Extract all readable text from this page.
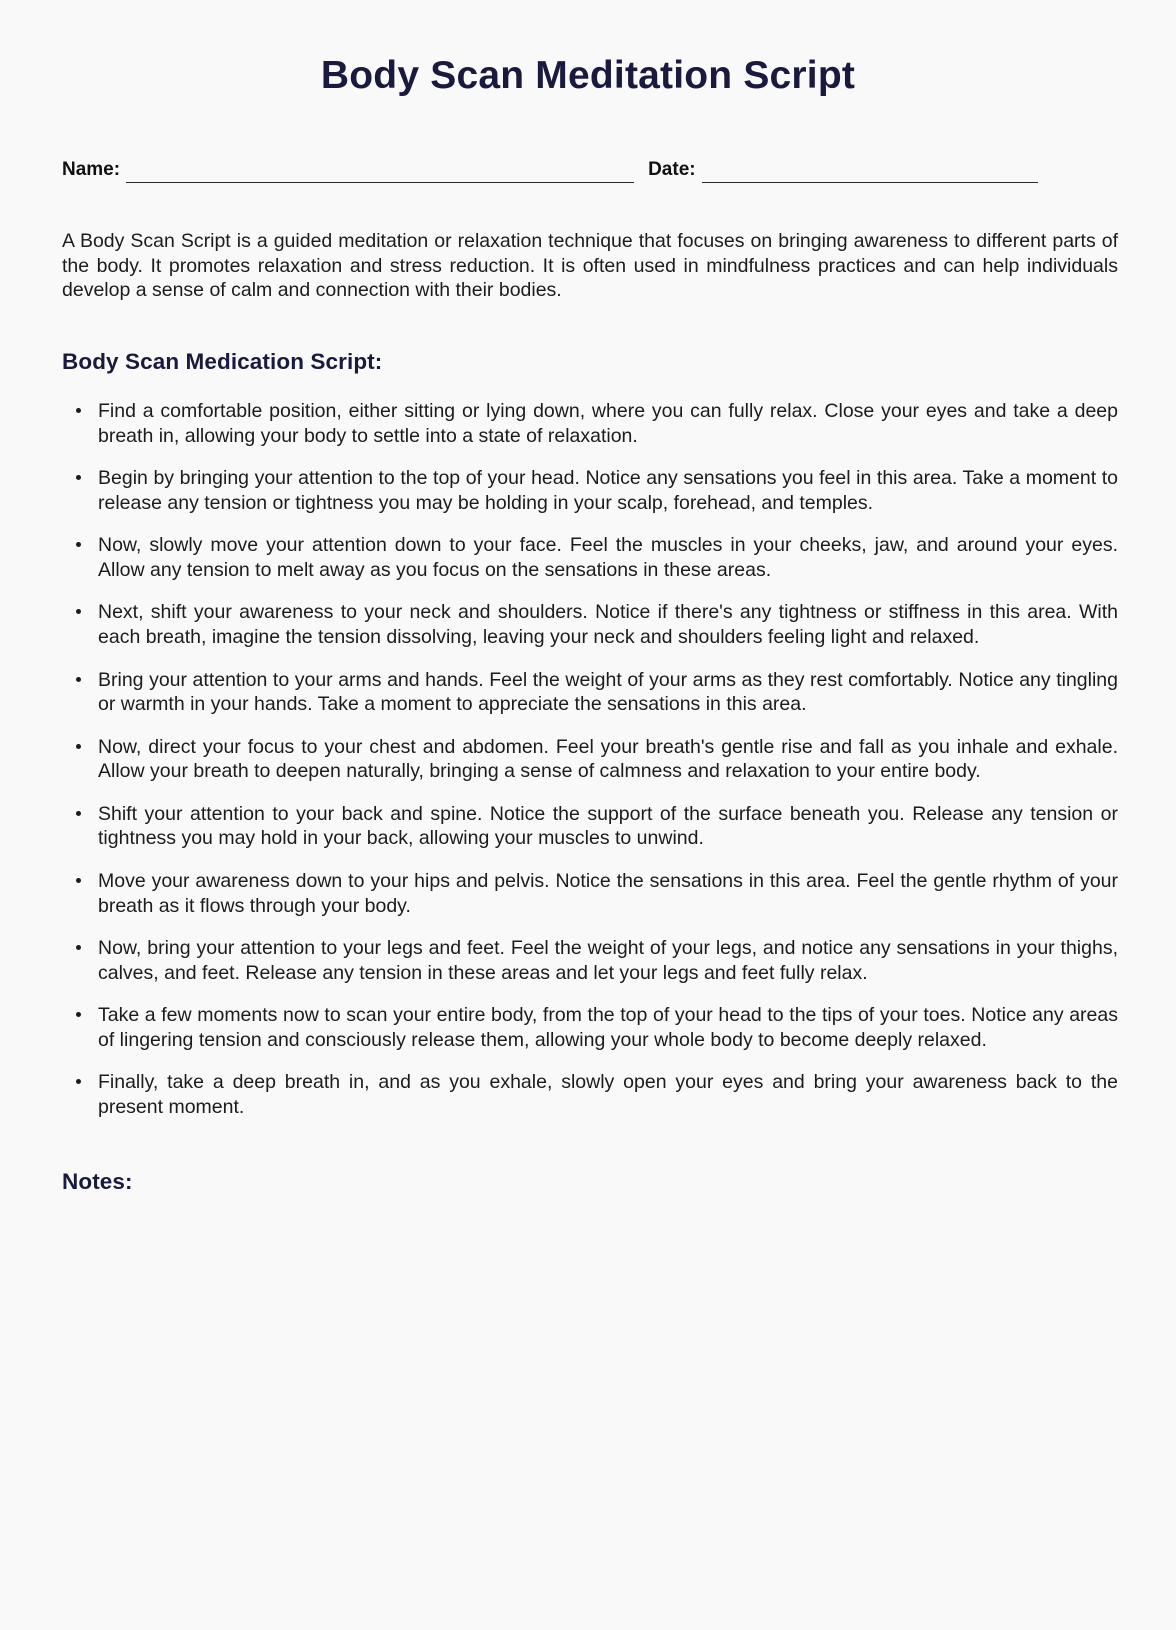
Body Scan Meditation Script
Name:	Date:

A Body Scan Script is a guided meditation or relaxation technique that focuses on bringing awareness to different parts of the body. It promotes relaxation and stress reduction. It is often used in mindfulness practices and can help individuals develop a sense of calm and connection with their bodies.

Body Scan Medication Script:
Find a comfortable position, either sitting or lying down, where you can fully relax. Close your eyes and take a deep breath in, allowing your body to settle into a state of relaxation.
Begin by bringing your attention to the top of your head. Notice any sensations you feel in this area. Take a moment to release any tension or tightness you may be holding in your scalp, forehead, and temples.
Now, slowly move your attention down to your face. Feel the muscles in your cheeks, jaw, and around your eyes. Allow any tension to melt away as you focus on the sensations in these areas.
Next, shift your awareness to your neck and shoulders. Notice if there's any tightness or stiffness in this area. With each breath, imagine the tension dissolving, leaving your neck and shoulders feeling light and relaxed.
Bring your attention to your arms and hands. Feel the weight of your arms as they rest comfortably. Notice any tingling or warmth in your hands. Take a moment to appreciate the sensations in this area.
Now, direct your focus to your chest and abdomen. Feel your breath's gentle rise and fall as you inhale and exhale. Allow your breath to deepen naturally, bringing a sense of calmness and relaxation to your entire body.
Shift your attention to your back and spine. Notice the support of the surface beneath you. Release any tension or tightness you may hold in your back, allowing your muscles to unwind.
Move your awareness down to your hips and pelvis. Notice the sensations in this area. Feel the gentle rhythm of your breath as it flows through your body.
Now, bring your attention to your legs and feet. Feel the weight of your legs, and notice any sensations in your thighs, calves, and feet. Release any tension in these areas and let your legs and feet fully relax.
Take a few moments now to scan your entire body, from the top of your head to the tips of your toes. Notice any areas of lingering tension and consciously release them, allowing your whole body to become deeply relaxed.
Finally, take a deep breath in, and as you exhale, slowly open your eyes and bring your awareness back to the present moment.
Notes:
